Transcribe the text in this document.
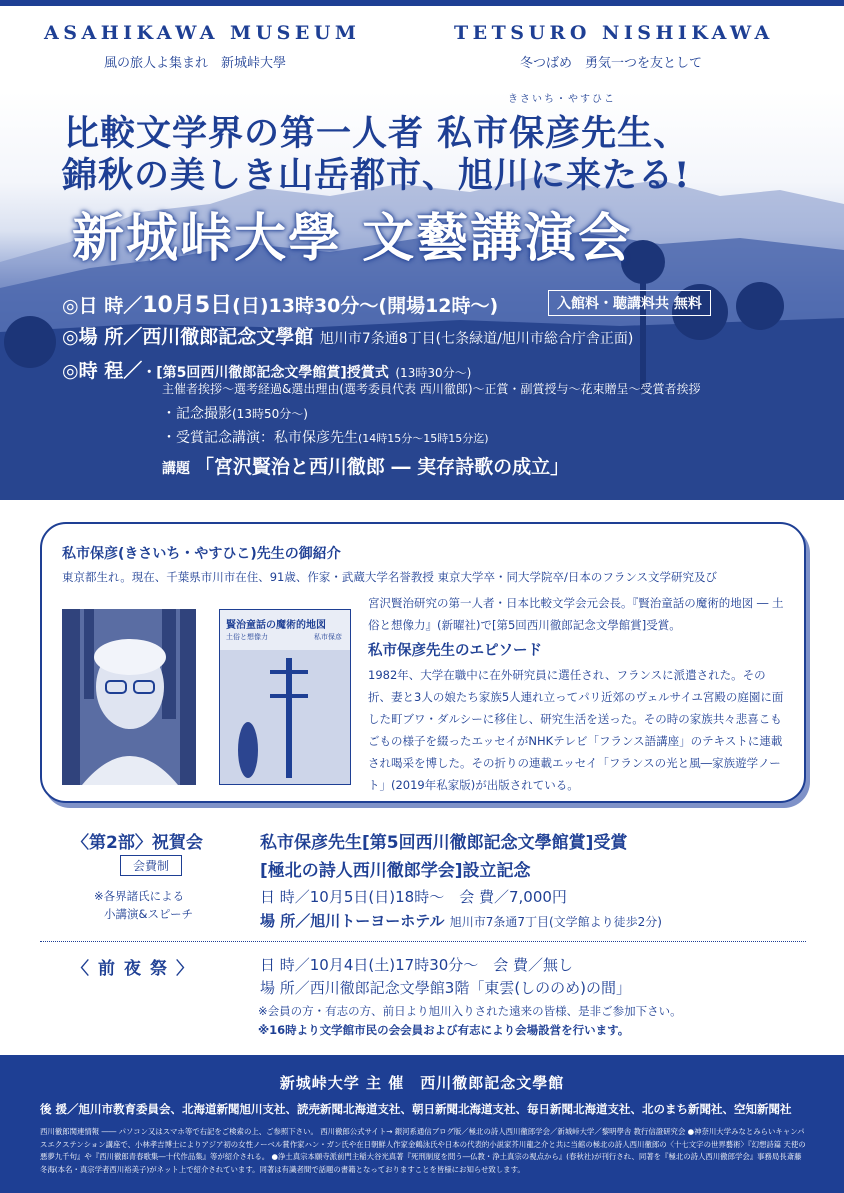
ASAHIKAWA MUSEUM	TETSURO NISHIKAWA
風の旅人よ集まれ　新城峠大學	冬つばめ　勇気一つを友として
きさいち・やすひこ
比較文学界の第一人者 私市保彦先生、
錦秋の美しき山岳都市、旭川に来たる!
新城峠大學 文藝講演会
◎日 時／10月5日(日)13時30分～(開場12時～)	入館料・聴講料共 無料
◎場 所／西川徹郎記念文學館 旭川市7条通8丁目(七条緑道/旭川市総合庁舎正面)
◎時 程／・[第5回西川徹郎記念文學館賞]授賞式 (13時30分～)
主催者挨拶～選考経過&選出理由(選考委員代表 西川徹郎)～正賞・副賞授与～花束贈呈～受賞者挨拶
・記念撮影(13時50分～)
・受賞記念講演：私市保彦先生(14時15分～15時15分迄)
講題 「宮沢賢治と西川徹郎 ― 実存詩歌の成立」
私市保彦(きさいち・やすひこ)先生の御紹介
東京都生れ。現在、千葉県市川市在住、91歳、作家・武蔵大学名誉教授 東京大学卒・同大学院卒/日本のフランス文学研究及び
宮沢賢治研究の第一人者・日本比較文学会元会長。『賢治童話の魔術的地図 ― 土俗と想像力』(新曜社)で[第5回西川徹郎記念文學館賞]受賞。
私市保彦先生のエピソード
1982年、大学在職中に在外研究員に選任され、フランスに派遣された。その折、妻と3人の娘たち家族5人連れ立ってパリ近郊のヴェルサイユ宮殿の庭園に面した町ブワ・ダルシーに移住し、研究生活を送った。その時の家族共々悲喜こもごもの様子を綴ったエッセイがNHKテレビ「フランス語講座」のテキストに連載され喝采を博した。その折りの連載エッセイ「フランスの光と風―家族遊学ノート」(2019年私家版)が出版されている。
賢治童話の魔術的地図
土俗と想像力	私市保彦
〈第2部〉祝賀会	私市保彦先生[第5回西川徹郎記念文學館賞]受賞
[極北の詩人西川徹郎学会]設立記念
会費制
※各界諸氏による
小講演&スピーチ
日 時／10月5日(日)18時～　会 費／7,000円
場 所／旭川トーヨーホテル 旭川市7条通7丁目(文学館より徒歩2分)
〈前夜祭〉	日 時／10月4日(土)17時30分～　会 費／無し
場 所／西川徹郎記念文學館3階「東雲(しののめ)の間」
※会員の方・有志の方、前日より旭川入りされた遠来の皆様、是非ご参加下さい。
※16時より文学館市民の会会員および有志により会場設営を行います。
新城峠大学 主 催　西川徹郎記念文學館
後 援／旭川市教育委員会、北海道新聞旭川支社、読売新聞北海道支社、朝日新聞北海道支社、毎日新聞北海道支社、北のまち新聞社、空知新聞社
西川徹郎関連情報 ―― パソコン又はスマホ等で右記をご検索の上、ご参照下さい。 西川徹郎公式サイト→ 銀河系通信ブログ版／極北の詩人西川徹郎学会／新城峠大学／黎明學舎 教行信證研究会 ●神奈川大学みなとみらいキャンパスエクステンション講座で、小林孝吉博士によりアジア初の女性ノーベル賞作家ハン・ガン氏や在日朝鮮人作家金鶴泳氏や日本の代表的小説家芥川龍之介と共に当館の極北の詩人西川徹郎の〈十七文字の世界藝術〉『幻想詩篇 天使の悪夢九千句』や『西川徹郎青春歌集―十代作品集』等が紹介される。 ●浄土真宗本願寺派前門主稲大谷光真著『死刑制度を問う―仏教・浄土真宗の視点から』(春秋社)が刊行され、同著を『極北の詩人西川徹郎学会』事務局長斎藤冬海(本名・真宗学者西川裕美子)がネット上で紹介されています。同著は有識者間で話題の書籍となっておりますことを皆様にお知らせ致します。
